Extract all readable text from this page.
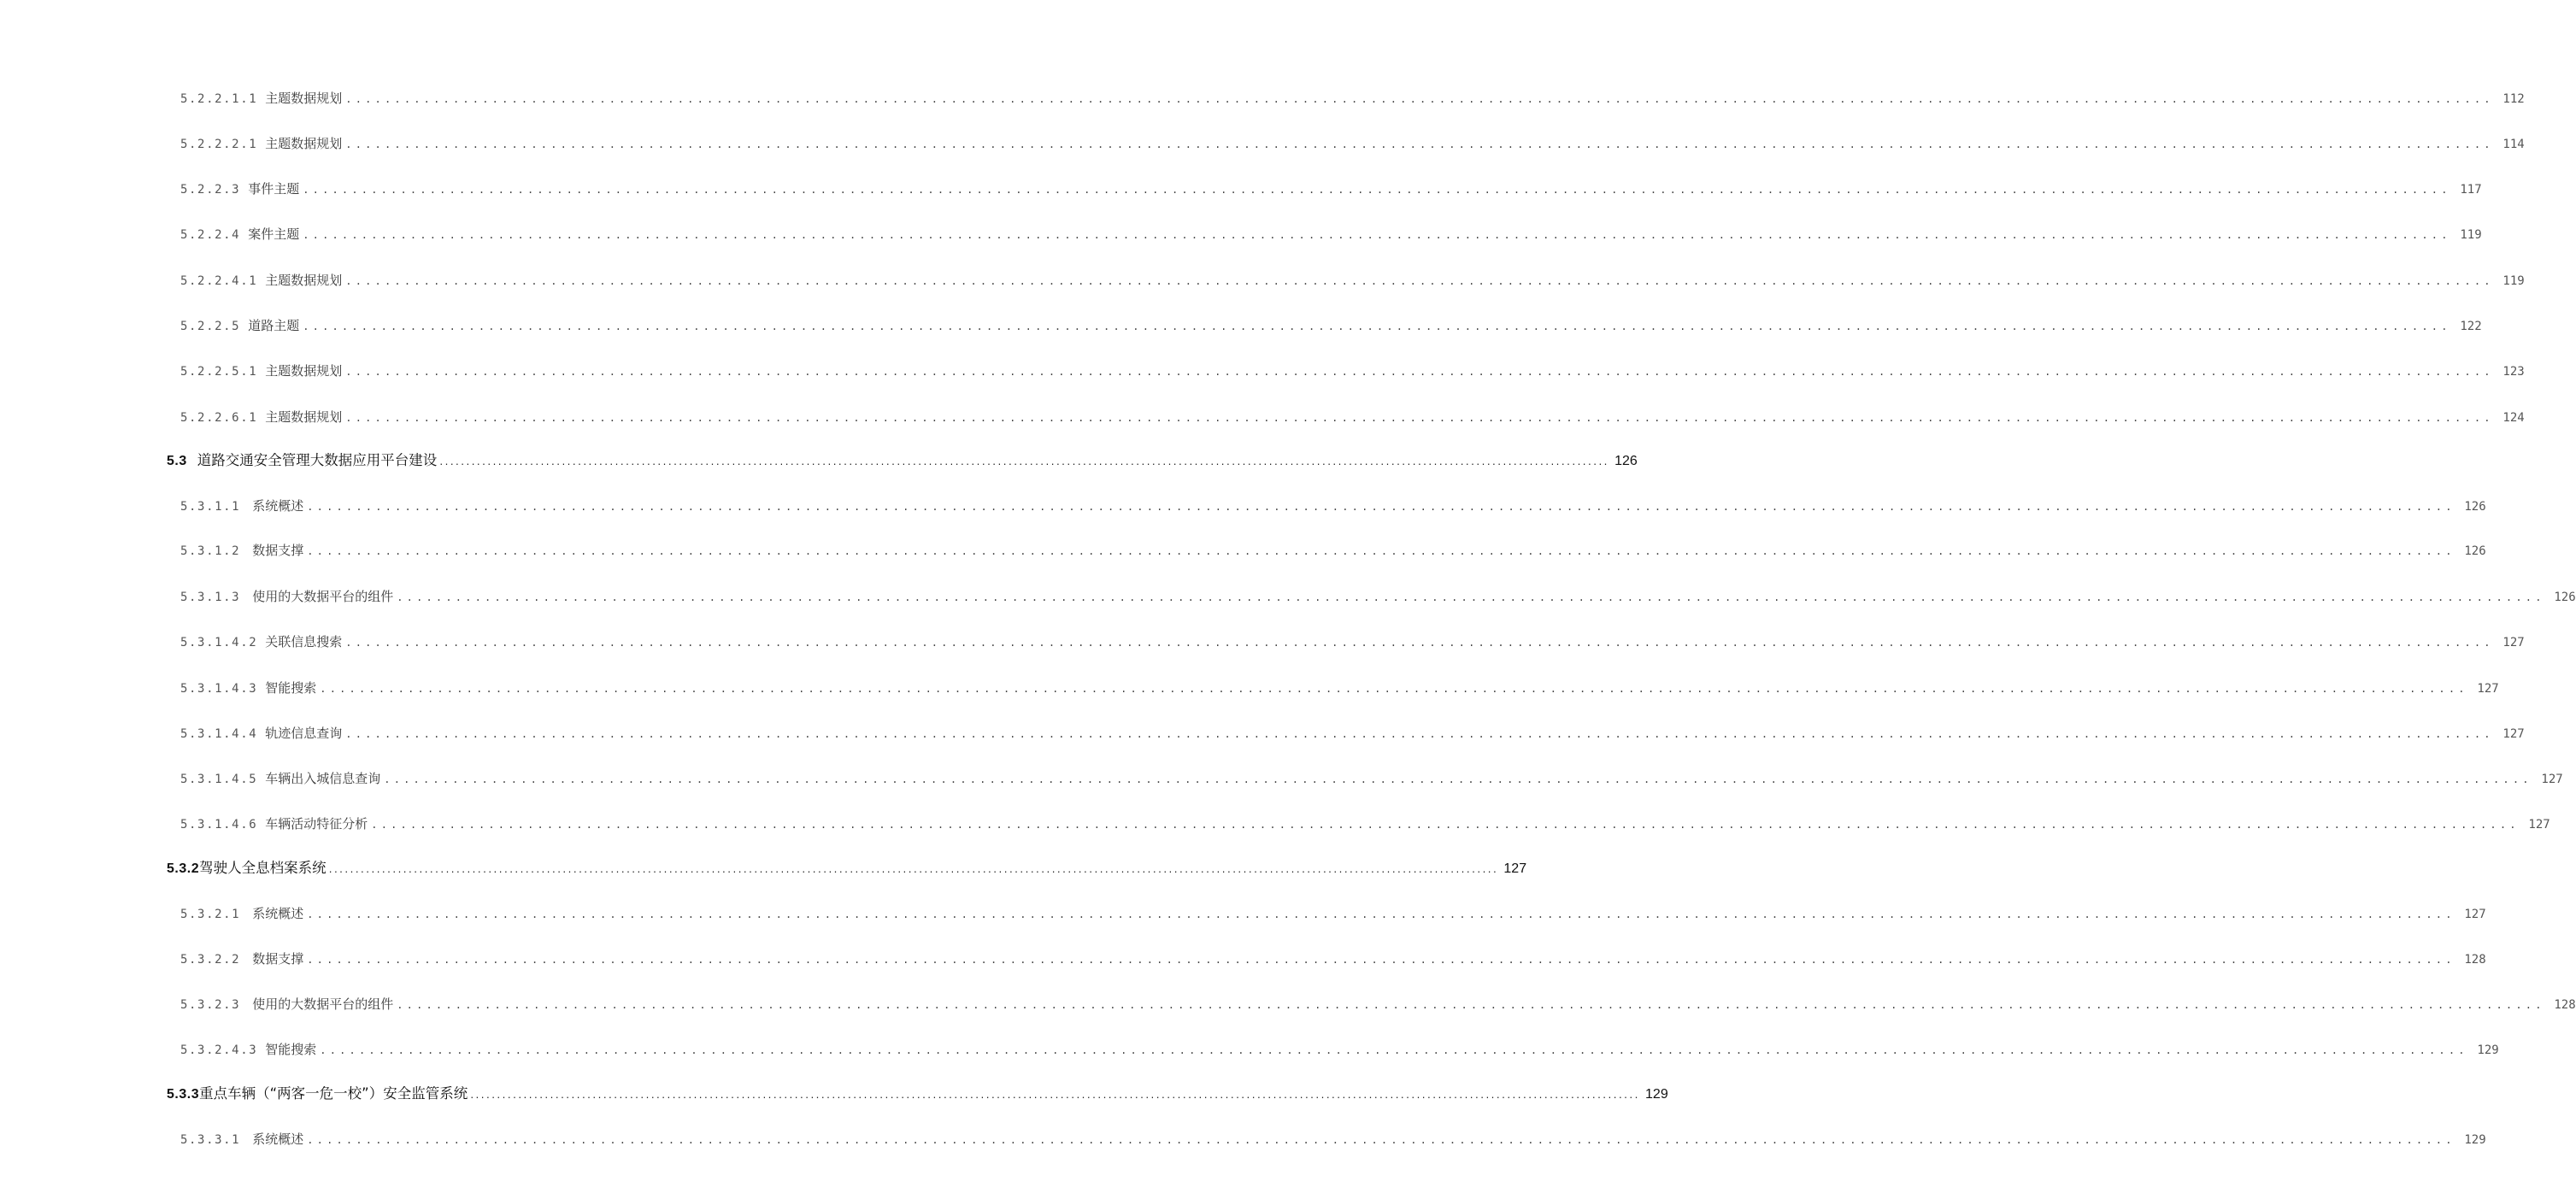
5.2.2.1.1 主题数据规划 ............................................................................................................................................................................................................................ 112
5.2.2.2.1 主题数据规划 ............................................................................................................................................................................................................................ 114
5.2.2.3 事件主题 ............................................................................................................................................................................................................................ 117
5.2.2.4 案件主题 ............................................................................................................................................................................................................................ 119
5.2.2.4.1 主题数据规划 ............................................................................................................................................................................................................................ 119
5.2.2.5 道路主题 ............................................................................................................................................................................................................................ 122
5.2.2.5.1 主题数据规划 ............................................................................................................................................................................................................................ 123
5.2.2.6.1 主题数据规划 ............................................................................................................................................................................................................................ 124
5.3 道路交通安全管理大数据应用平台建设 ............................................................................................................................................................................................................................ 126
5.3.1.1 系统概述 ............................................................................................................................................................................................................................ 126
5.3.1.2 数据支撑 ............................................................................................................................................................................................................................ 126
5.3.1.3 使用的大数据平台的组件 ............................................................................................................................................................................................................................ 126
5.3.1.4.2 关联信息搜索 ............................................................................................................................................................................................................................ 127
5.3.1.4.3 智能搜索 ............................................................................................................................................................................................................................ 127
5.3.1.4.4 轨迹信息查询 ............................................................................................................................................................................................................................ 127
5.3.1.4.5 车辆出入城信息查询 ............................................................................................................................................................................................................................ 127
5.3.1.4.6 车辆活动特征分析 ............................................................................................................................................................................................................................ 127
5.3.2 驾驶人全息档案系统 ............................................................................................................................................................................................................................ 127
5.3.2.1 系统概述 ............................................................................................................................................................................................................................ 127
5.3.2.2 数据支撑 ............................................................................................................................................................................................................................ 128
5.3.2.3 使用的大数据平台的组件 ............................................................................................................................................................................................................................ 128
5.3.2.4.3 智能搜索 ............................................................................................................................................................................................................................ 129
5.3.3 重点车辆（“两客一危一校”）安全监管系统 ............................................................................................................................................................................................................................ 129
5.3.3.1 系统概述 ............................................................................................................................................................................................................................ 129
